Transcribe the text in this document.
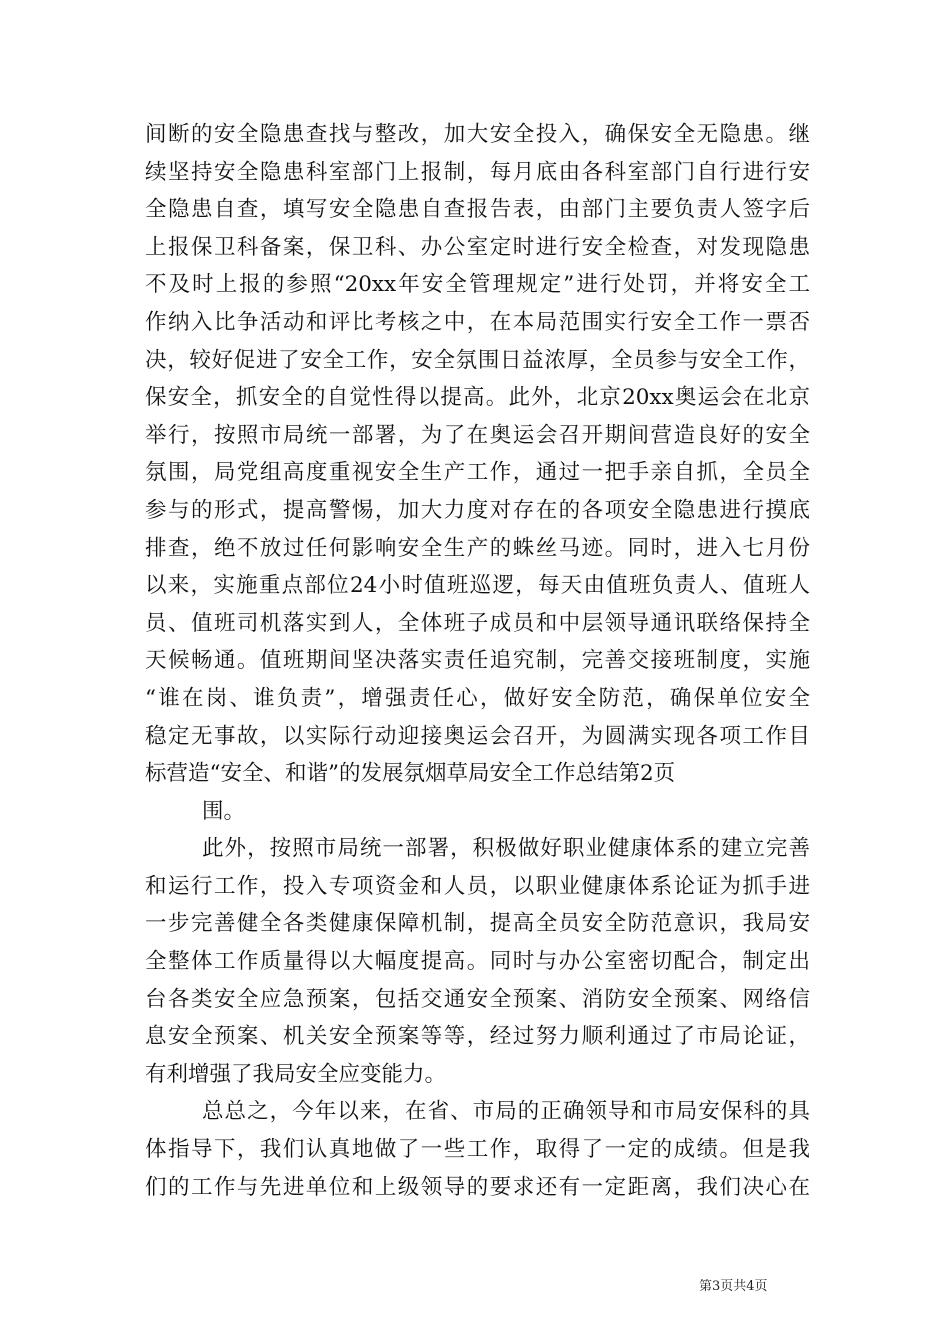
间断的安全隐患查找与整改，加大安全投入，确保安全无隐患。继
续坚持安全隐患科室部门上报制，每月底由各科室部门自行进行安
全隐患自查，填写安全隐患自查报告表，由部门主要负责人签字后
上报保卫科备案，保卫科、办公室定时进行安全检查，对发现隐患
不及时上报的参照“20xx年安全管理规定”进行处罚，并将安全工
作纳入比争活动和评比考核之中，在本局范围实行安全工作一票否
决，较好促进了安全工作，安全氛围日益浓厚，全员参与安全工作，
保安全，抓安全的自觉性得以提高。此外，北京20xx奥运会在北京
举行，按照市局统一部署，为了在奥运会召开期间营造良好的安全
氛围，局党组高度重视安全生产工作，通过一把手亲自抓，全员全
参与的形式，提高警惕，加大力度对存在的各项安全隐患进行摸底
排查，绝不放过任何影响安全生产的蛛丝马迹。同时，进入七月份
以来，实施重点部位24小时值班巡逻，每天由值班负责人、值班人
员、值班司机落实到人，全体班子成员和中层领导通讯联络保持全
天候畅通。值班期间坚决落实责任追究制，完善交接班制度，实施
“谁在岗、谁负责”，增强责任心，做好安全防范，确保单位安全
稳定无事故，以实际行动迎接奥运会召开，为圆满实现各项工作目
标营造“安全、和谐”的发展氛烟草局安全工作总结第2页
围。
此外，按照市局统一部署，积极做好职业健康体系的建立完善
和运行工作，投入专项资金和人员，以职业健康体系论证为抓手进
一步完善健全各类健康保障机制，提高全员安全防范意识，我局安
全整体工作质量得以大幅度提高。同时与办公室密切配合，制定出
台各类安全应急预案，包括交通安全预案、消防安全预案、网络信
息安全预案、机关安全预案等等，经过努力顺利通过了市局论证，
有利增强了我局安全应变能力。
总总之，今年以来，在省、市局的正确领导和市局安保科的具
体指导下，我们认真地做了一些工作，取得了一定的成绩。但是我
们的工作与先进单位和上级领导的要求还有一定距离，我们决心在
第3页共4页
